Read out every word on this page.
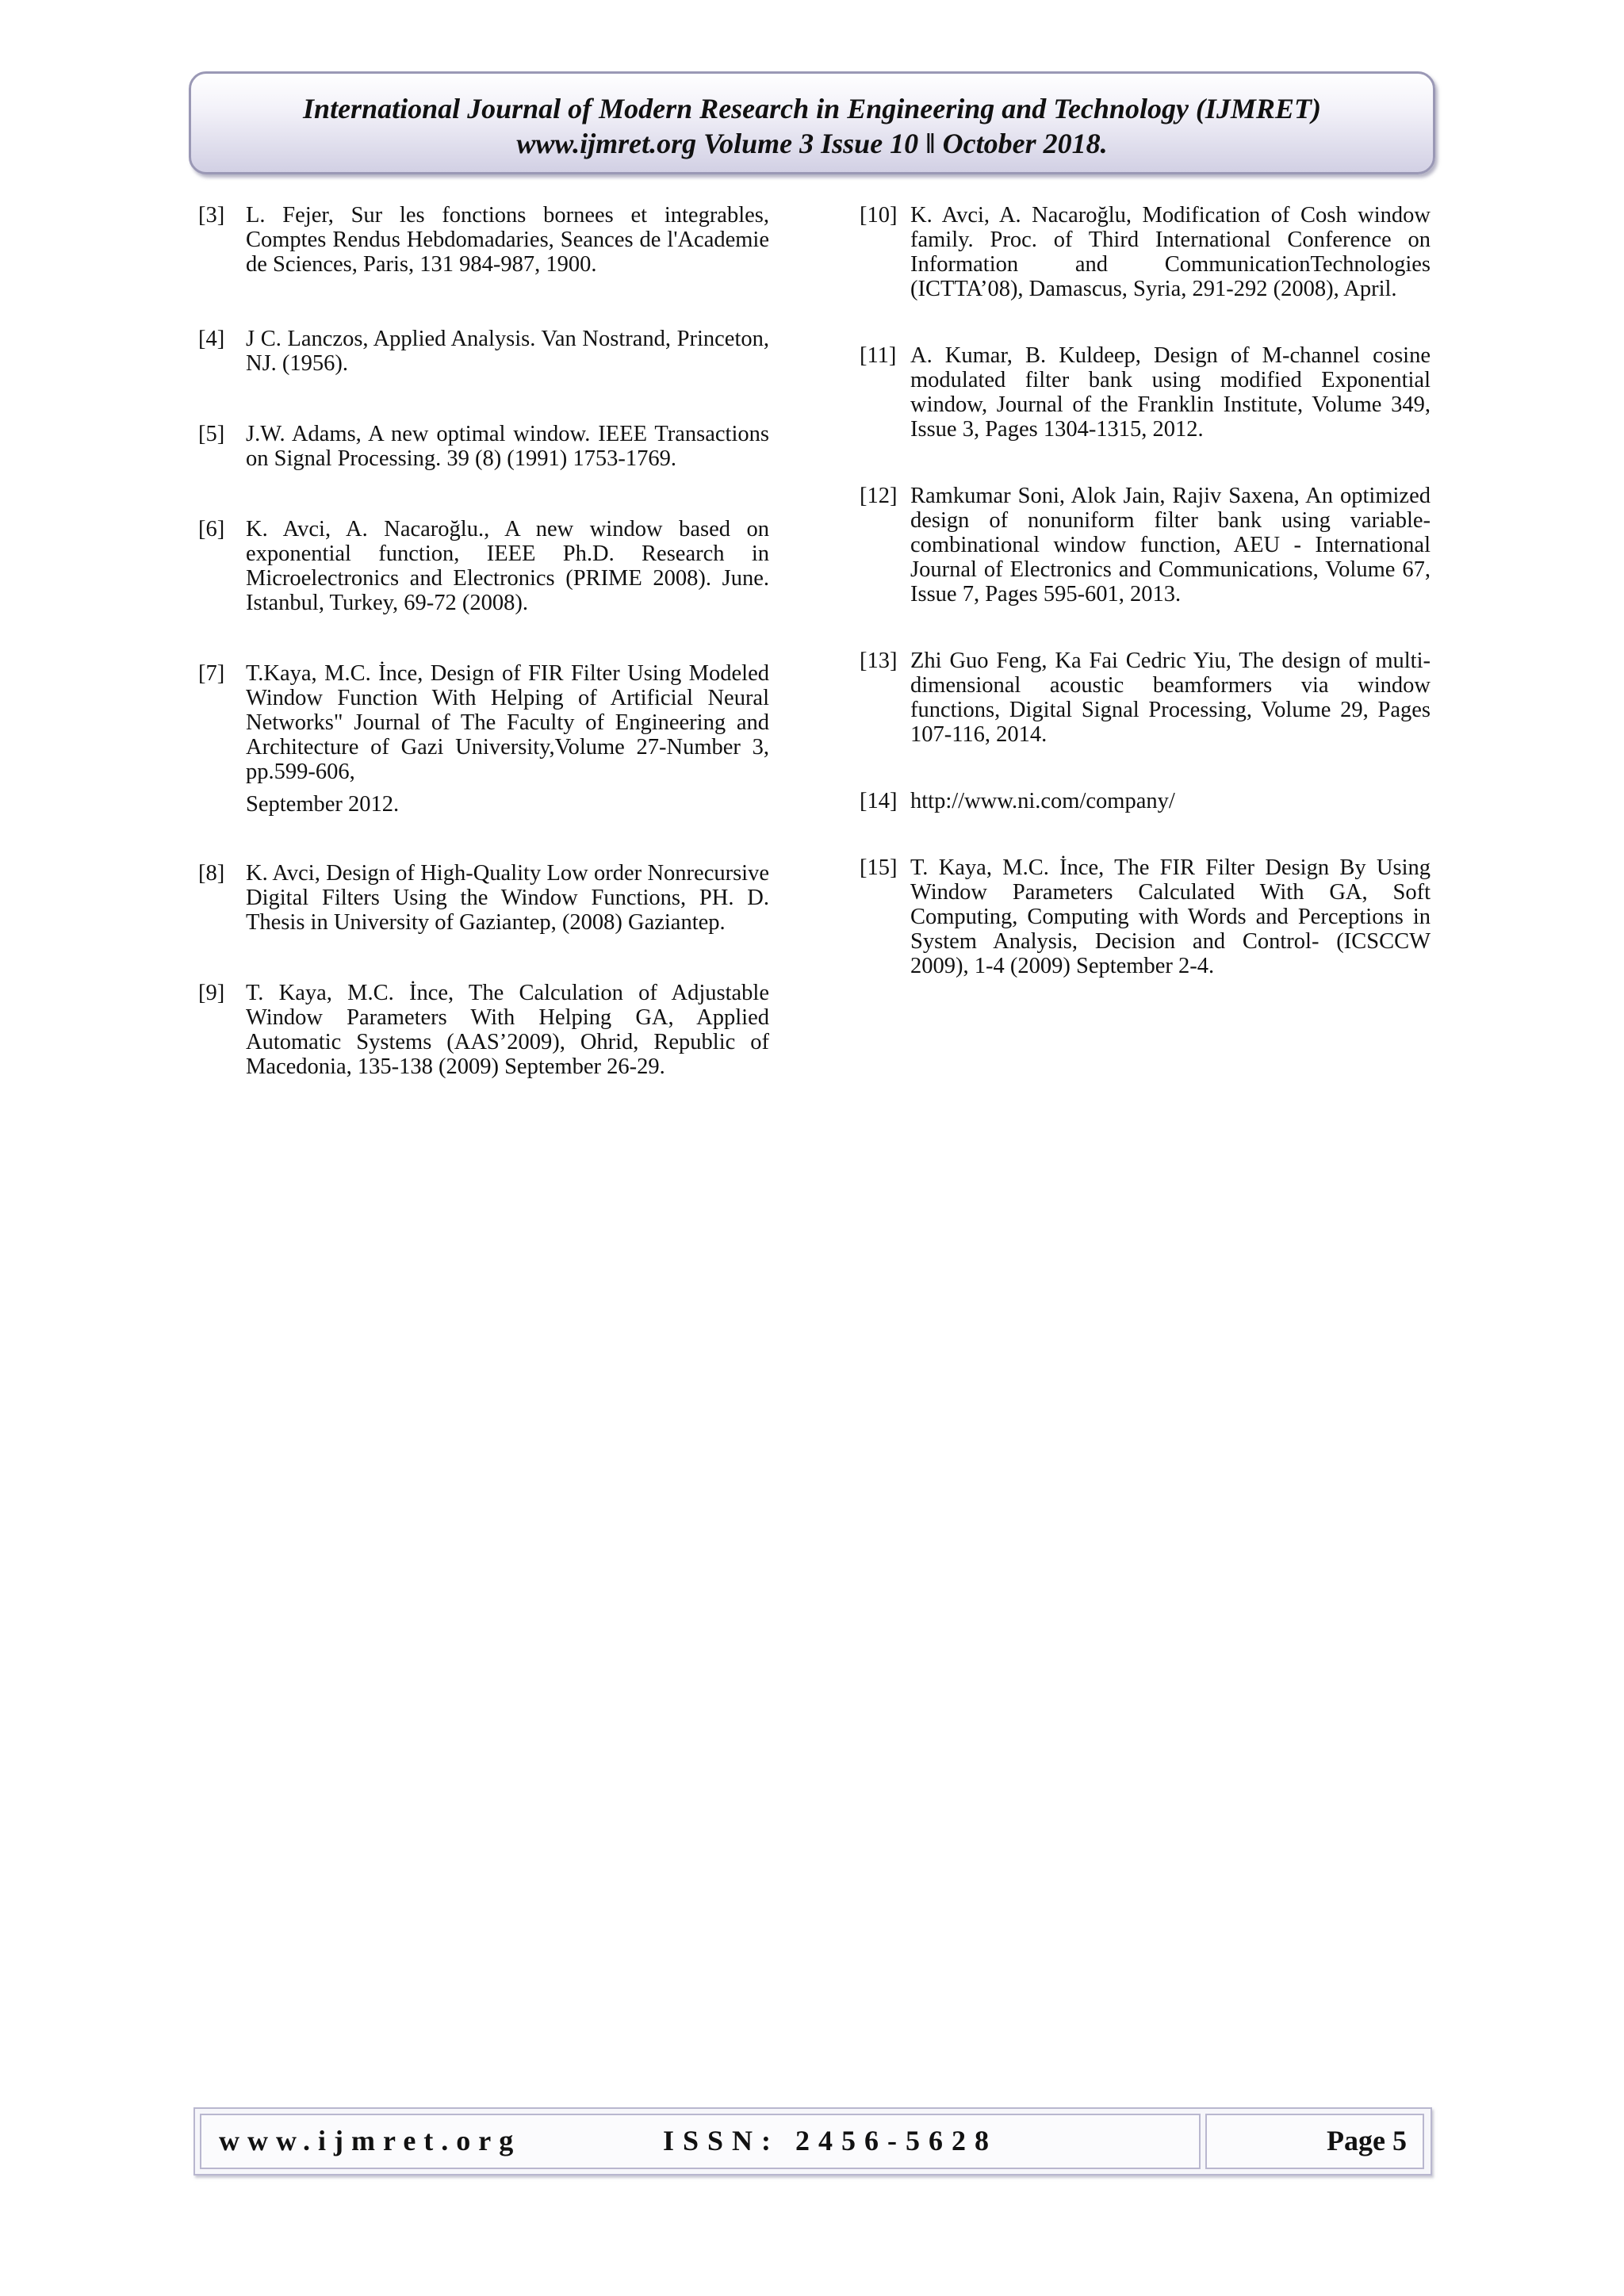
International Journal of Modern Research in Engineering and Technology (IJMRET)
www.ijmret.org Volume 3 Issue 10 ǁ October 2018.
[3] L. Fejer, Sur les fonctions bornees et integrables, Comptes Rendus Hebdomadaries, Seances de l'Academie de Sciences, Paris, 131 984-987, 1900.
[4] J C. Lanczos, Applied Analysis. Van Nostrand, Princeton, NJ. (1956).
[5] J.W. Adams, A new optimal window. IEEE Transactions on Signal Processing. 39 (8) (1991) 1753-1769.
[6] K. Avci, A. Nacaroğlu., A new window based on exponential function, IEEE Ph.D. Research in Microelectronics and Electronics (PRIME 2008). June. Istanbul, Turkey, 69-72 (2008).
[7] T.Kaya, M.C. İnce, Design of FIR Filter Using Modeled Window Function With Helping of Artificial Neural Networks" Journal of The Faculty of Engineering and Architecture of Gazi University,Volume 27-Number 3, pp.599-606,
September 2012.
[8] K. Avci, Design of High-Quality Low order Nonrecursive Digital Filters Using the Window Functions, PH. D. Thesis in University of Gaziantep, (2008) Gaziantep.
[9] T. Kaya, M.C. İnce, The Calculation of Adjustable Window Parameters With Helping GA, Applied Automatic Systems (AAS’2009), Ohrid, Republic of Macedonia, 135-138 (2009) September 26-29.
[10] K. Avci, A. Nacaroğlu, Modification of Cosh window family. Proc. of Third International Conference on Information and CommunicationTechnologies (ICTTA’08), Damascus, Syria, 291-292 (2008), April.
[11] A. Kumar, B. Kuldeep, Design of M-channel cosine modulated filter bank using modified Exponential window, Journal of the Franklin Institute, Volume 349, Issue 3, Pages 1304-1315, 2012.
[12] Ramkumar Soni, Alok Jain, Rajiv Saxena, An optimized design of nonuniform filter bank using variable-combinational window function, AEU - International Journal of Electronics and Communications, Volume 67, Issue 7, Pages 595-601, 2013.
[13] Zhi Guo Feng, Ka Fai Cedric Yiu, The design of multi-dimensional acoustic beamformers via window functions, Digital Signal Processing, Volume 29, Pages 107-116, 2014.
[14] http://www.ni.com/company/
[15] T. Kaya, M.C. İnce, The FIR Filter Design By Using Window Parameters Calculated With GA, Soft Computing, Computing with Words and Perceptions in System Analysis, Decision and Control- (ICSCCW 2009), 1-4 (2009) September 2-4.
www.ijmret.org	ISSN: 2456-5628	Page 5
